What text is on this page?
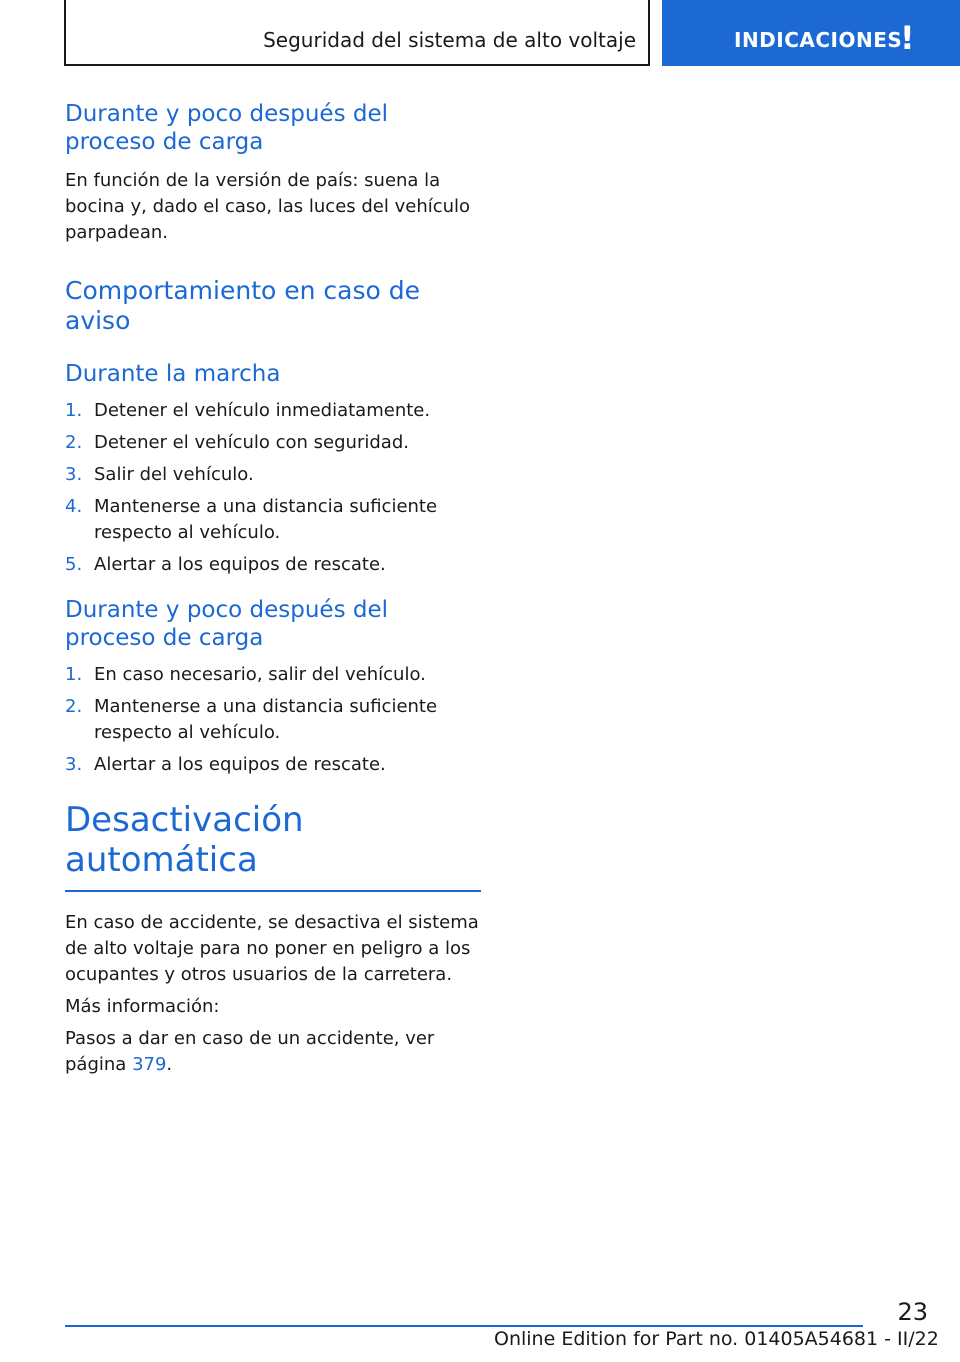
Seguridad del sistema de alto voltaje	INDICACIONES
!
Durante y poco después del proceso de carga

En función de la versión de país: suena la bocina y, dado el caso, las luces del vehículo parpadean.

Comportamiento en caso de aviso
Durante la marcha
1. Detener el vehículo inmediatamente.
2. Detener el vehículo con seguridad.
3. Salir del vehículo.
4. Mantenerse a una distancia suficiente respecto al vehículo.
5. Alertar a los equipos de rescate.
Durante y poco después del proceso de carga
1. En caso necesario, salir del vehículo.
2. Mantenerse a una distancia suficiente respecto al vehículo.
3. Alertar a los equipos de rescate.
Desactivación automática

En caso de accidente, se desactiva el sistema de alto voltaje para no poner en peligro a los ocupantes y otros usuarios de la carretera.

Más información:

Pasos a dar en caso de un accidente, ver página 379.

23
Online Edition for Part no. 01405A54681 - II/22
